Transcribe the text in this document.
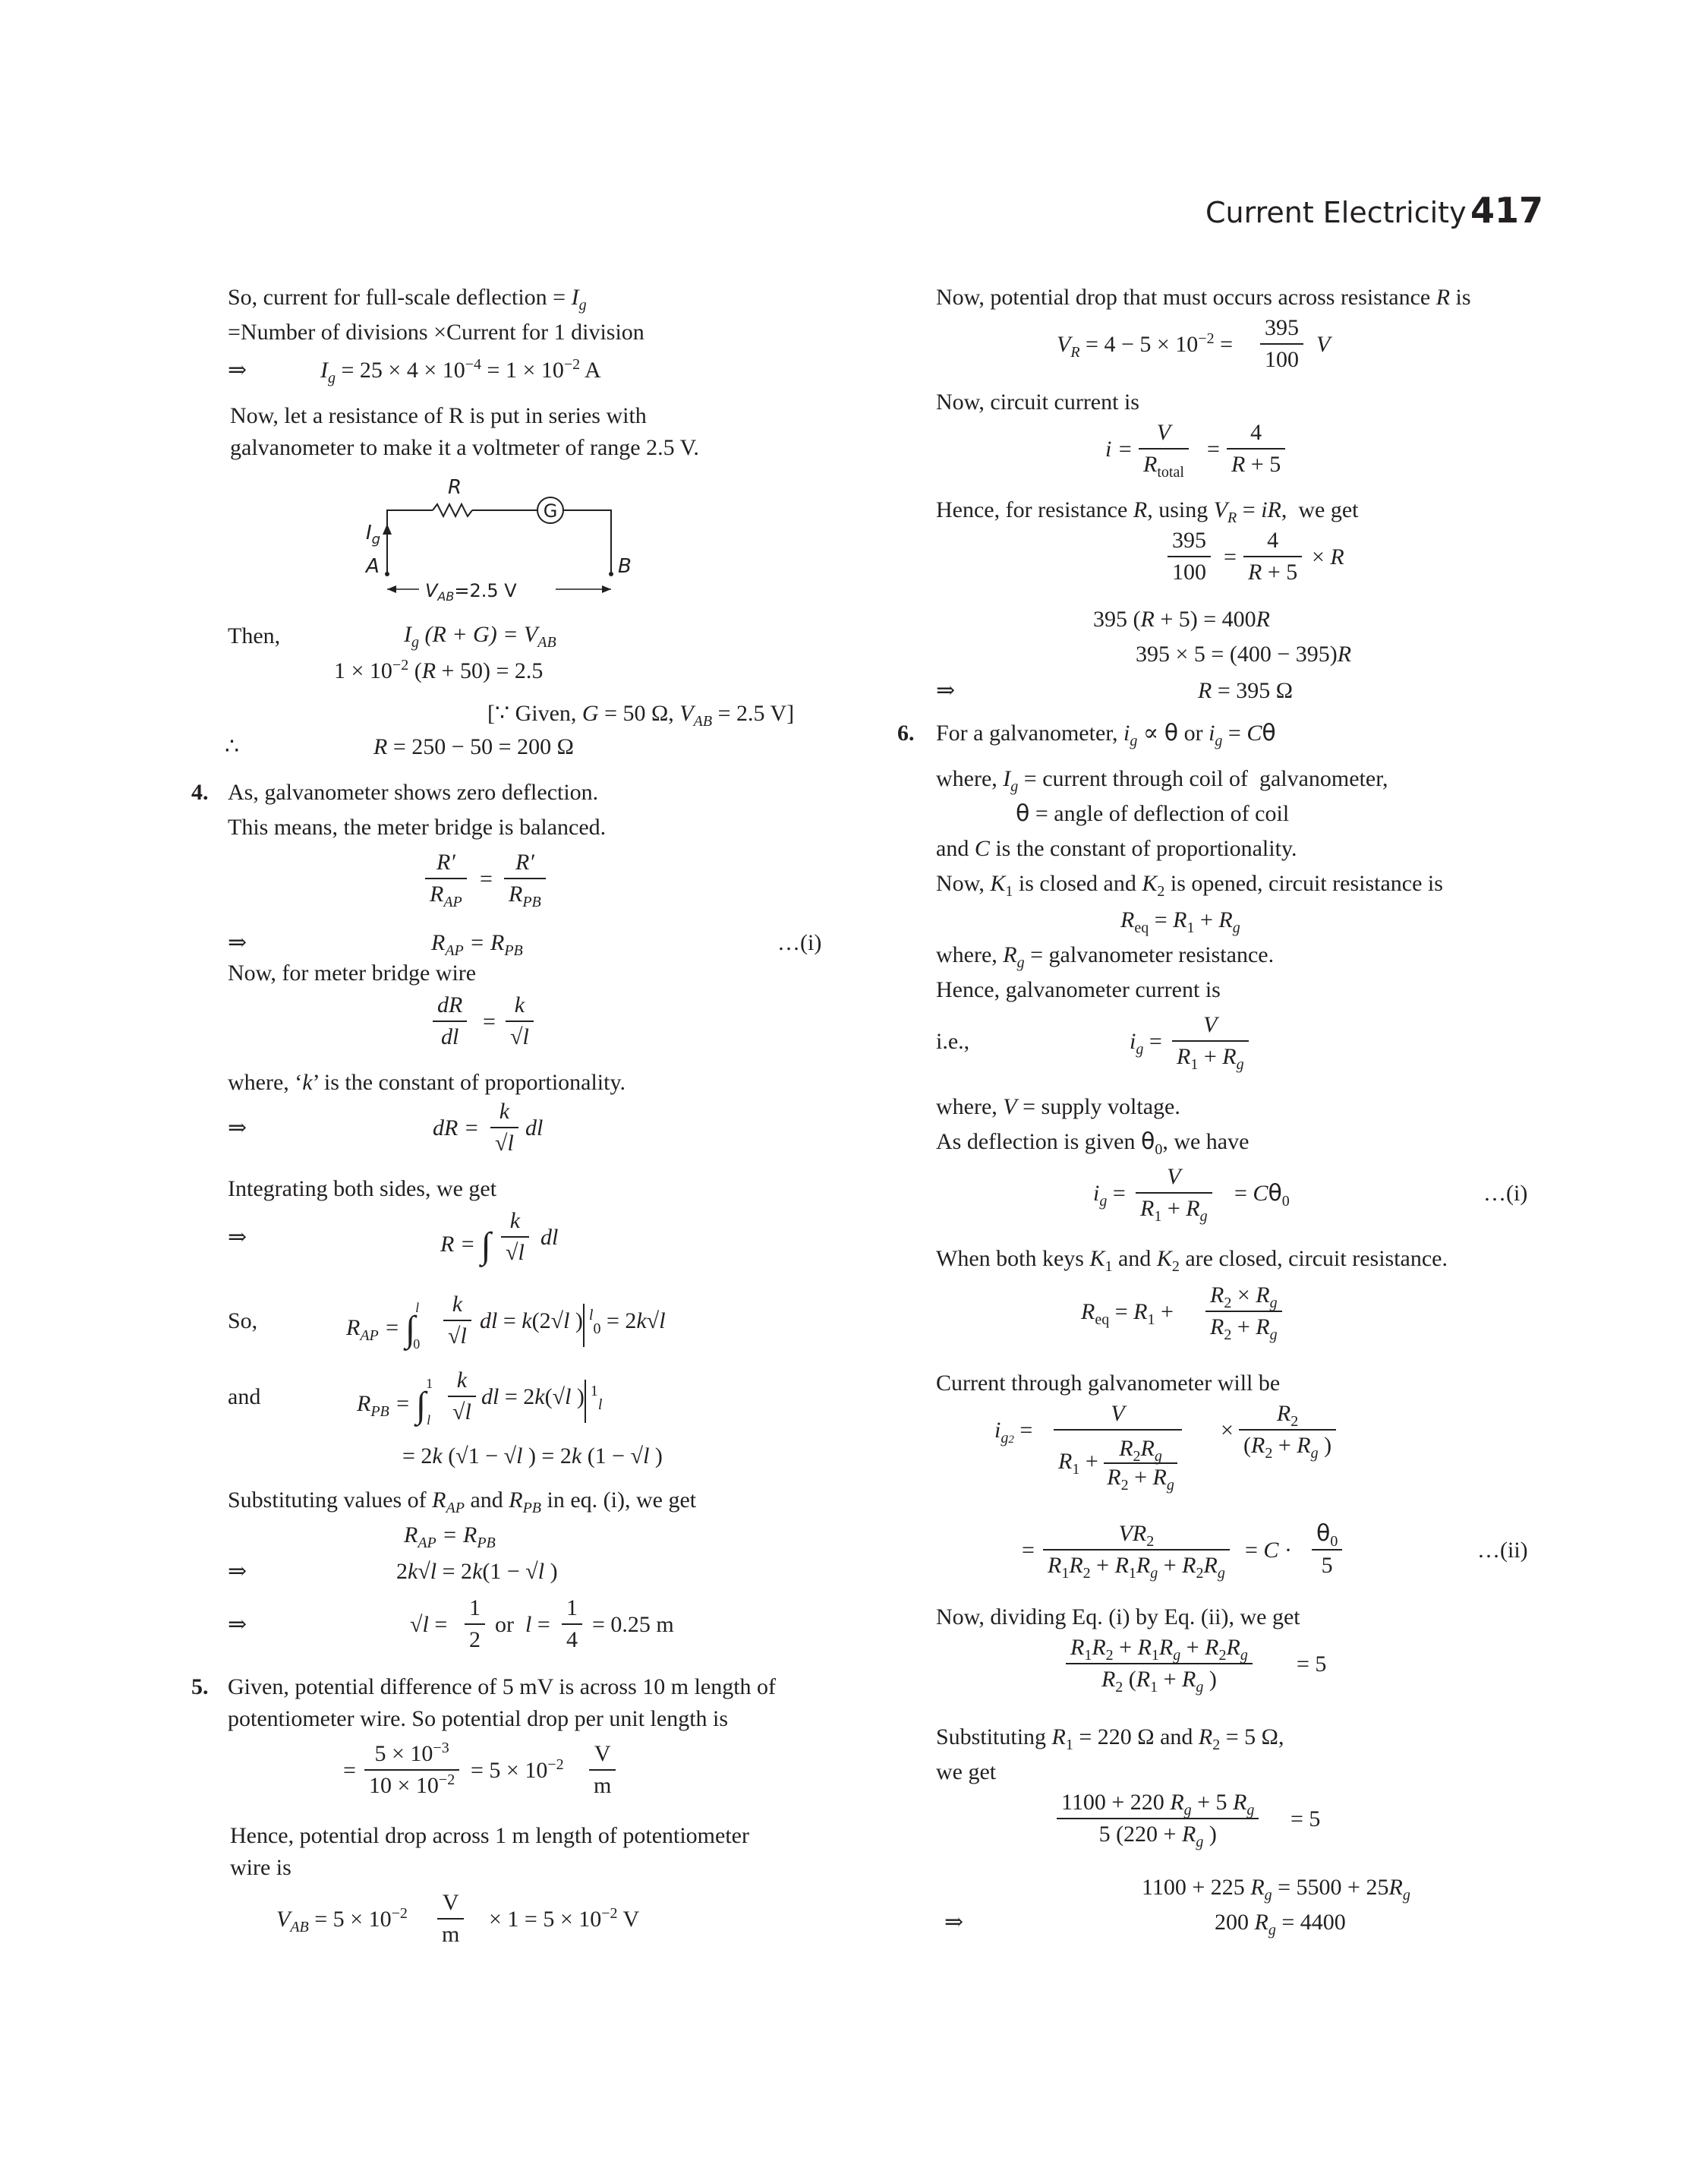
Current Electricity 417
So, current for full-scale deflection = $I_g$
=Number of divisions ×Current for 1 division
⇒	$I_g = 25 \times 4 \times 10^{-4} = 1 \times 10^{-2}$ A
Now, let a resistance of R is put in series with
galvanometer to make it a voltmeter of range 2.5 V.
G
R
$I_g$
A	B
$V_{AB}=2.5$ V
Then,	$I_g$ $(R + G) = V_{AB}$
$1 \times 10^{-2}$ (R + 50) = 2.5
[∵ Given, G = 50 Ω, $V_{AB} = 2.5$ V]
∴	R = 250 − 50 = 200 Ω
4. As, galvanometer shows zero deflection.
This means, the meter bridge is balanced.
R′
$R_{AP}$
=
R′
$R_{PB}$
⇒	$R_{AP} = R_{PB}$	…(i)
Now, for meter bridge wire
$\frac{dR}{dl} = \frac{k}{√l}$
where, ‘k’ is the constant of proportionality.
⇒	dR = $\frac{k}{√l}$ dl
Integrating both sides, we get
⇒	R = ∫ $\frac{k}{√l}$ dl
So,	$R_{AP} = \int^l_0 \frac{k}{√l}$ dl = k(2√l ) $^l_0$ = 2k√l
and	$R_{PB} = \int^1_l \frac{k}{√l}$ dl = 2k(√l ) $^1_l$
= 2k (√1 − √l ) = 2k (1 − √l )
Substituting values of $R_{AP}$ and $R_{PB}$ in eq. (i), we get
$R_{AP} = R_{PB}$
⇒	2k√l = 2k(1 − √l )
⇒	$√l = \frac{1}{2}$ or  $l = \frac{1}{4} = 0.25$ m
5. Given, potential difference of 5 mV is across 10 m length of
potentiometer wire. So potential drop per unit length is
= $\frac{5 \times 10^{-3}}{10 \times 10^{-2}} = 5 \times 10^{-2} \frac{V}{m}$
Hence, potential drop across 1 m length of potentiometer
wire is
$V_{AB} = 5 \times 10^{-2} \frac{V}{m} \times 1 = 5 \times 10^{-2}$ V
Now, potential drop that must occurs across resistance R is
$V_R = 4 - 5 \times 10^{-2} = \frac{395}{100}$ V
Now, circuit current is
i =
V
$R_{total}$
= $\frac{4}{R + 5}$
Hence, for resistance R, using $V_R$ = iR,  we get
$\frac{395}{100} = \frac{4}{R + 5} \times R$
395 (R + 5) = 400R
395 × 5 = (400 − 395)R
⇒	R = 395 Ω
6. For a galvanometer, $i_g \propto \theta$ or $i_g = C\theta$
where, $I_g$ = current through coil of  galvanometer,
θ = angle of deflection of coil
and C is the constant of proportionality.
Now, $K_1$ is closed and $K_2$ is opened, circuit resistance is
$R_{eq} = R_1 + R_g$
where, $R_g$ = galvanometer resistance.
Hence, galvanometer current is
i.e.,	$i_g = \frac{V}{R_1 + R_g}$
where, V = supply voltage.
As deflection is given $\theta_0$, we have
$i_g = \frac{V}{R_1 + R_g} = C\theta_0$	…(i)
When both keys $K_1$ and $K_2$ are closed, circuit resistance.
$R_{eq} = R_1 + \frac{R_2 \times R_g}{R_2 + R_g}$
Current through galvanometer will be
$i_{g2}$ =
V
$R_1 + \frac{R_2R_g}{R_2 + R_g}$
× $\frac{R_2}{(R_2 + R_g )}$
= $\frac{VR_2}{R_1R_2 + R_1R_g + R_2R_g} = C \cdot \frac{\theta_0}{5}$	…(ii)
Now, dividing Eq. (i) by Eq. (ii), we get
$\frac{R_1R_2 + R_1R_g + R_2R_g}{R_2 (R_1 + R_g )} = 5$
Substituting $R_1 = 220$ Ω and $R_2 = 5$ Ω,
we get
$\frac{1100 + 220 R_g + 5 R_g}{5 (220 + R_g )} = 5$
1100 + 225 $R_g = 5500 + 25R_g$
⇒	200 $R_g = 4400$
